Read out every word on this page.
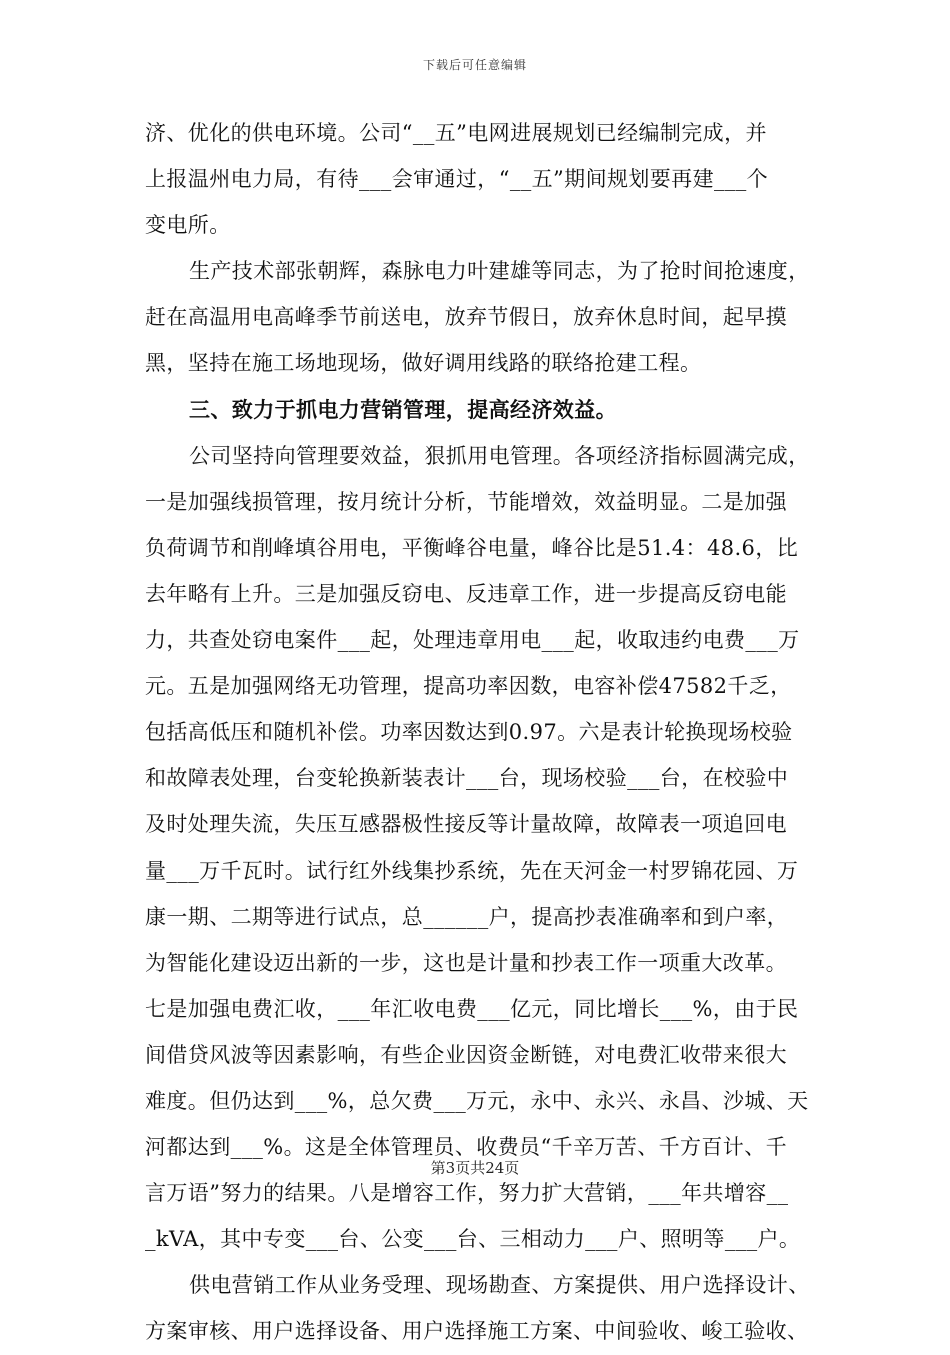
下载后可任意编辑
济、优化的供电环境。公司“__五”电网进展规划已经编制完成，并
上报温州电力局，有待___会审通过，“__五”期间规划要再建___个
变电所。
生产技术部张朝辉，森脉电力叶建雄等同志，为了抢时间抢速度，
赶在高温用电高峰季节前送电，放弃节假日，放弃休息时间，起早摸
黑，坚持在施工场地现场，做好调用线路的联络抢建工程。
三、致力于抓电力营销管理，提高经济效益。
公司坚持向管理要效益，狠抓用电管理。各项经济指标圆满完成，
一是加强线损管理，按月统计分析，节能增效，效益明显。二是加强
负荷调节和削峰填谷用电，平衡峰谷电量，峰谷比是51.4：48.6，比
去年略有上升。三是加强反窃电、反违章工作，进一步提高反窃电能
力，共查处窃电案件___起，处理违章用电___起，收取违约电费___万
元。五是加强网络无功管理，提高功率因数，电容补偿47582千乏，
包括高低压和随机补偿。功率因数达到0.97。六是表计轮换现场校验
和故障表处理，台变轮换新装表计___台，现场校验___台，在校验中
及时处理失流，失压互感器极性接反等计量故障，故障表一项追回电
量___万千瓦时。试行红外线集抄系统，先在天河金一村罗锦花园、万
康一期、二期等进行试点，总______户，提高抄表准确率和到户率，
为智能化建设迈出新的一步，这也是计量和抄表工作一项重大改革。
七是加强电费汇收，___年汇收电费___亿元，同比增长___%，由于民
间借贷风波等因素影响，有些企业因资金断链，对电费汇收带来很大
难度。但仍达到___%，总欠费___万元，永中、永兴、永昌、沙城、天
河都达到___%。这是全体管理员、收费员“千辛万苦、千方百计、千
言万语”努力的结果。八是增容工作，努力扩大营销，___年共增容__
_kVA，其中专变___台、公变___台、三相动力___户、照明等___户。
供电营销工作从业务受理、现场勘查、方案提供、用户选择设计、
方案审核、用户选择设备、用户选择施工方案、中间验收、峻工验收、
第3页共24页
